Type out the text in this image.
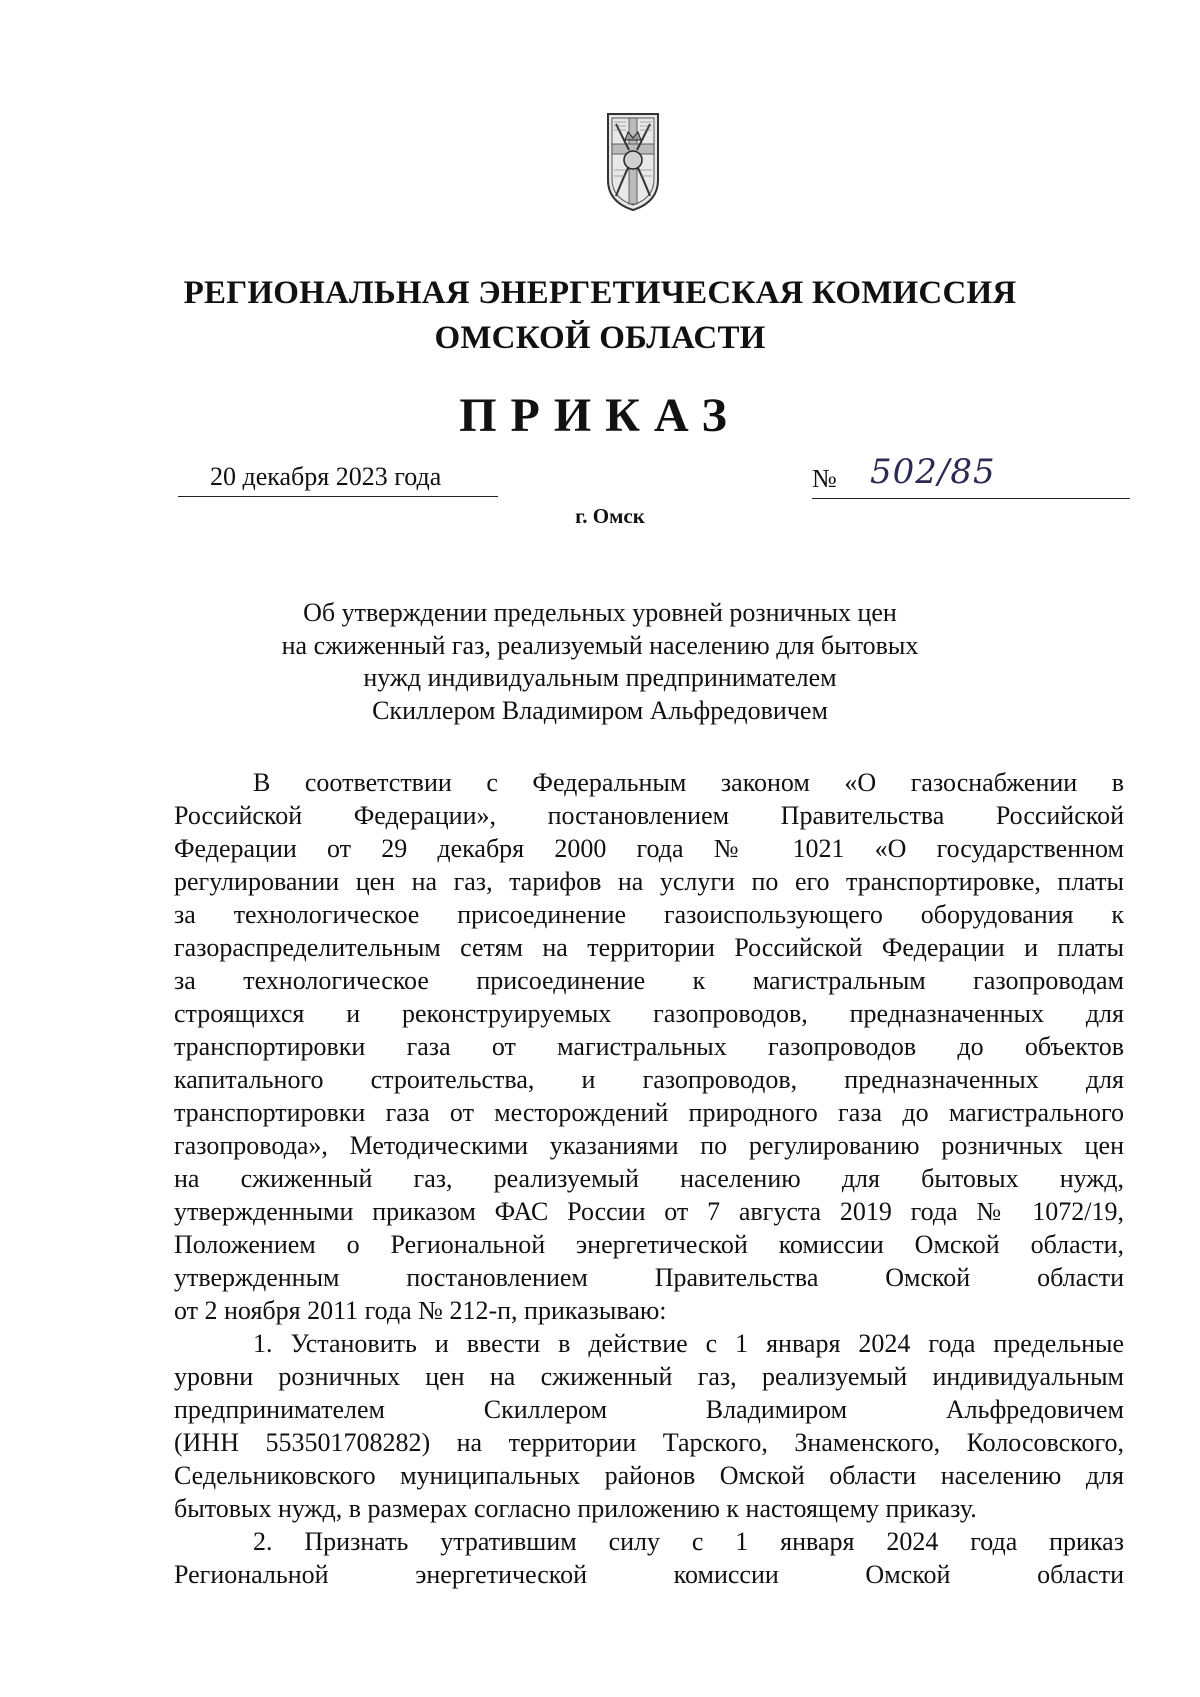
РЕГИОНАЛЬНАЯ ЭНЕРГЕТИЧЕСКАЯ КОМИССИЯ
ОМСКОЙ ОБЛАСТИ
ПРИКАЗ
20 декабря 2023 года	№ 502/85
г. Омск
Об утверждении предельных уровней розничных цен
на сжиженный газ, реализуемый населению для бытовых
нужд индивидуальным предпринимателем
Скиллером Владимиром Альфредовичем
В соответствии с Федеральным законом «О газоснабжении в
Российской Федерации», постановлением Правительства Российской
Федерации от 29 декабря 2000 года № 1021 «О государственном
регулировании цен на газ, тарифов на услуги по его транспортировке, платы
за технологическое присоединение газоиспользующего оборудования к
газораспределительным сетям на территории Российской Федерации и платы
за технологическое присоединение к магистральным газопроводам
строящихся и реконструируемых газопроводов, предназначенных для
транспортировки газа от магистральных газопроводов до объектов
капитального строительства, и газопроводов, предназначенных для
транспортировки газа от месторождений природного газа до магистрального
газопровода», Методическими указаниями по регулированию розничных цен
на сжиженный газ, реализуемый населению для бытовых нужд,
утвержденными приказом ФАС России от 7 августа 2019 года № 1072/19,
Положением о Региональной энергетической комиссии Омской области,
утвержденным постановлением Правительства Омской области
от 2 ноября 2011 года № 212-п, приказываю:
1. Установить и ввести в действие с 1 января 2024 года предельные
уровни розничных цен на сжиженный газ, реализуемый индивидуальным
предпринимателем Скиллером Владимиром Альфредовичем
(ИНН 553501708282) на территории Тарского, Знаменского, Колосовского,
Седельниковского муниципальных районов Омской области населению для
бытовых нужд, в размерах согласно приложению к настоящему приказу.
2. Признать утратившим силу с 1 января 2024 года приказ
Региональной энергетической комиссии Омской области
